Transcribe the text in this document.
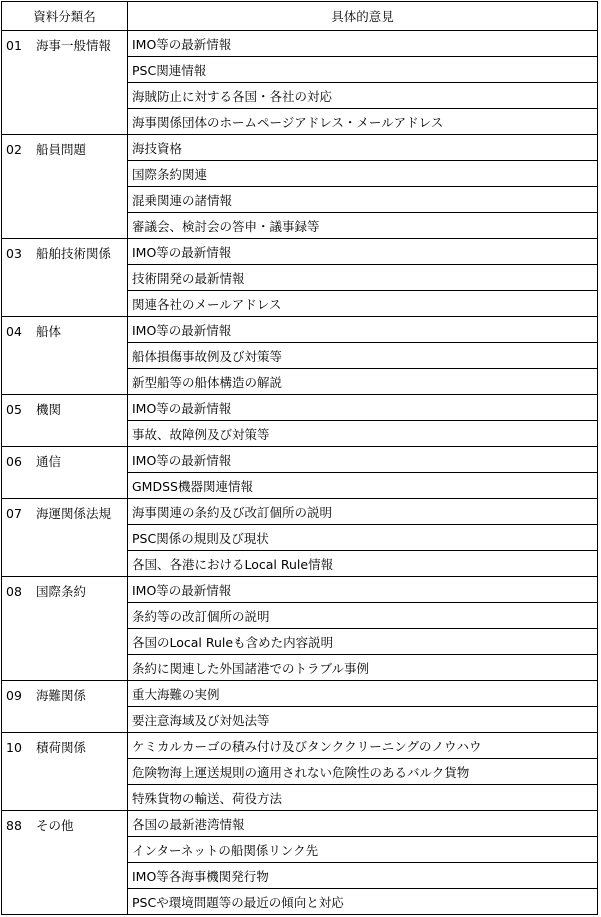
資料分類名	具体的意見
01 海事一般情報	IMO等の最新情報
	PSC関連情報
	海賊防止に対する各国・各社の対応
	海事関係団体のホームページアドレス・メールアドレス
02 船員問題	海技資格
	国際条約関連
	混乗関連の諸情報
	審議会、検討会の答申・議事録等
03 船舶技術関係	IMO等の最新情報
	技術開発の最新情報
	関連各社のメールアドレス
04 船体	IMO等の最新情報
	船体損傷事故例及び対策等
	新型船等の船体構造の解説
05 機関	IMO等の最新情報
	事故、故障例及び対策等
06 通信	IMO等の最新情報
	GMDSS機器関連情報
07 海運関係法規	海事関連の条約及び改訂個所の説明
	PSC関係の規則及び現状
	各国、各港におけるLocal Rule情報
08 国際条約	IMO等の最新情報
	条約等の改訂個所の説明
	各国のLocal Ruleも含めた内容説明
	条約に関連した外国諸港でのトラブル事例
09 海難関係	重大海難の実例
	要注意海域及び対処法等
10 積荷関係	ケミカルカーゴの積み付け及びタンククリーニングのノウハウ
	危険物海上運送規則の適用されない危険性のあるバルク貨物
	特殊貨物の輸送、荷役方法
88 その他	各国の最新港湾情報
	インターネットの船関係リンク先
	IMO等各海事機関発行物
	PSCや環境問題等の最近の傾向と対応
